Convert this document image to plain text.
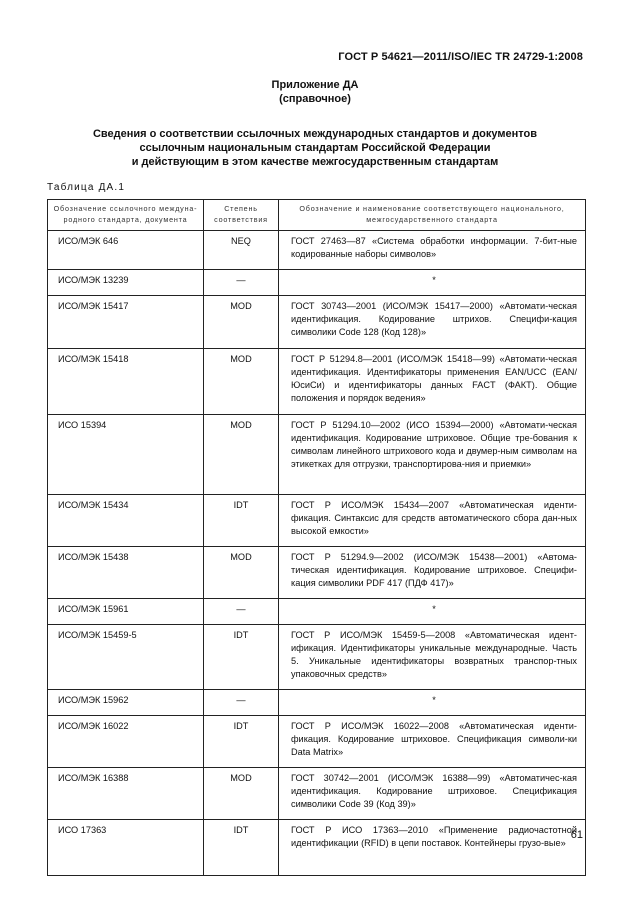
ГОСТ Р 54621—2011/ISO/IEC TR 24729-1:2008
Приложение ДА
(справочное)
Сведения о соответствии ссылочных международных стандартов и документов
ссылочным национальным стандартам Российской Федерации
и действующим в этом качестве межгосударственным стандартам
Таблица ДА.1
Обозначение ссылочного междуна-родного стандарта, документа	Степень соответствия	Обозначение и наименование соответствующего национального, межгосударственного стандарта
ИСО/МЭК 646	NEQ	ГОСТ 27463—87 «Система обработки информации. 7-бит-ные кодированные наборы символов»
ИСО/МЭК 13239	—	*
ИСО/МЭК 15417	MOD	ГОСТ 30743—2001 (ИСО/МЭК 15417—2000) «Автомати-ческая идентификация. Кодирование штрихов. Специфи-кация символики Code 128 (Код 128)»
ИСО/МЭК 15418	MOD	ГОСТ Р 51294.8—2001 (ИСО/МЭК 15418—99) «Автомати-ческая идентификация. Идентификаторы применения EAN/UCC (EAN/ЮсиСи) и идентификаторы данных FACT (ФАКТ). Общие положения и порядок ведения»
ИСО 15394	MOD	ГОСТ Р 51294.10—2002 (ИСО 15394—2000) «Автомати-ческая идентификация. Кодирование штриховое. Общие тре-бования к символам линейного штрихового кода и двумер-ным символам на этикетках для отгрузки, транспортирова-ния и приемки»
ИСО/МЭК 15434	IDT	ГОСТ Р ИСО/МЭК 15434—2007 «Автоматическая иденти-фикация. Синтаксис для средств автоматического сбора дан-ных высокой емкости»
ИСО/МЭК 15438	MOD	ГОСТ Р 51294.9—2002 (ИСО/МЭК 15438—2001) «Автома-тическая идентификация. Кодирование штриховое. Специфи-кация символики PDF 417 (ПДФ 417)»
ИСО/МЭК 15961	—	*
ИСО/МЭК 15459-5	IDT	ГОСТ Р ИСО/МЭК 15459-5—2008 «Автоматическая идент-ификация. Идентификаторы уникальные международные. Часть 5. Уникальные идентификаторы возвратных транспор-тных упаковочных средств»
ИСО/МЭК 15962	—	*
ИСО/МЭК 16022	IDT	ГОСТ Р ИСО/МЭК 16022—2008 «Автоматическая иденти-фикация. Кодирование штриховое. Спецификация символи-ки Data Matrix»
ИСО/МЭК 16388	MOD	ГОСТ 30742—2001 (ИСО/МЭК 16388—99) «Автоматичес-кая идентификация. Кодирование штриховое. Спецификация символики Code 39 (Код 39)»
ИСО 17363	IDT	ГОСТ Р ИСО 17363—2010 «Применение радиочастотной идентификации (RFID) в цепи поставок. Контейнеры грузо-вые»
61
